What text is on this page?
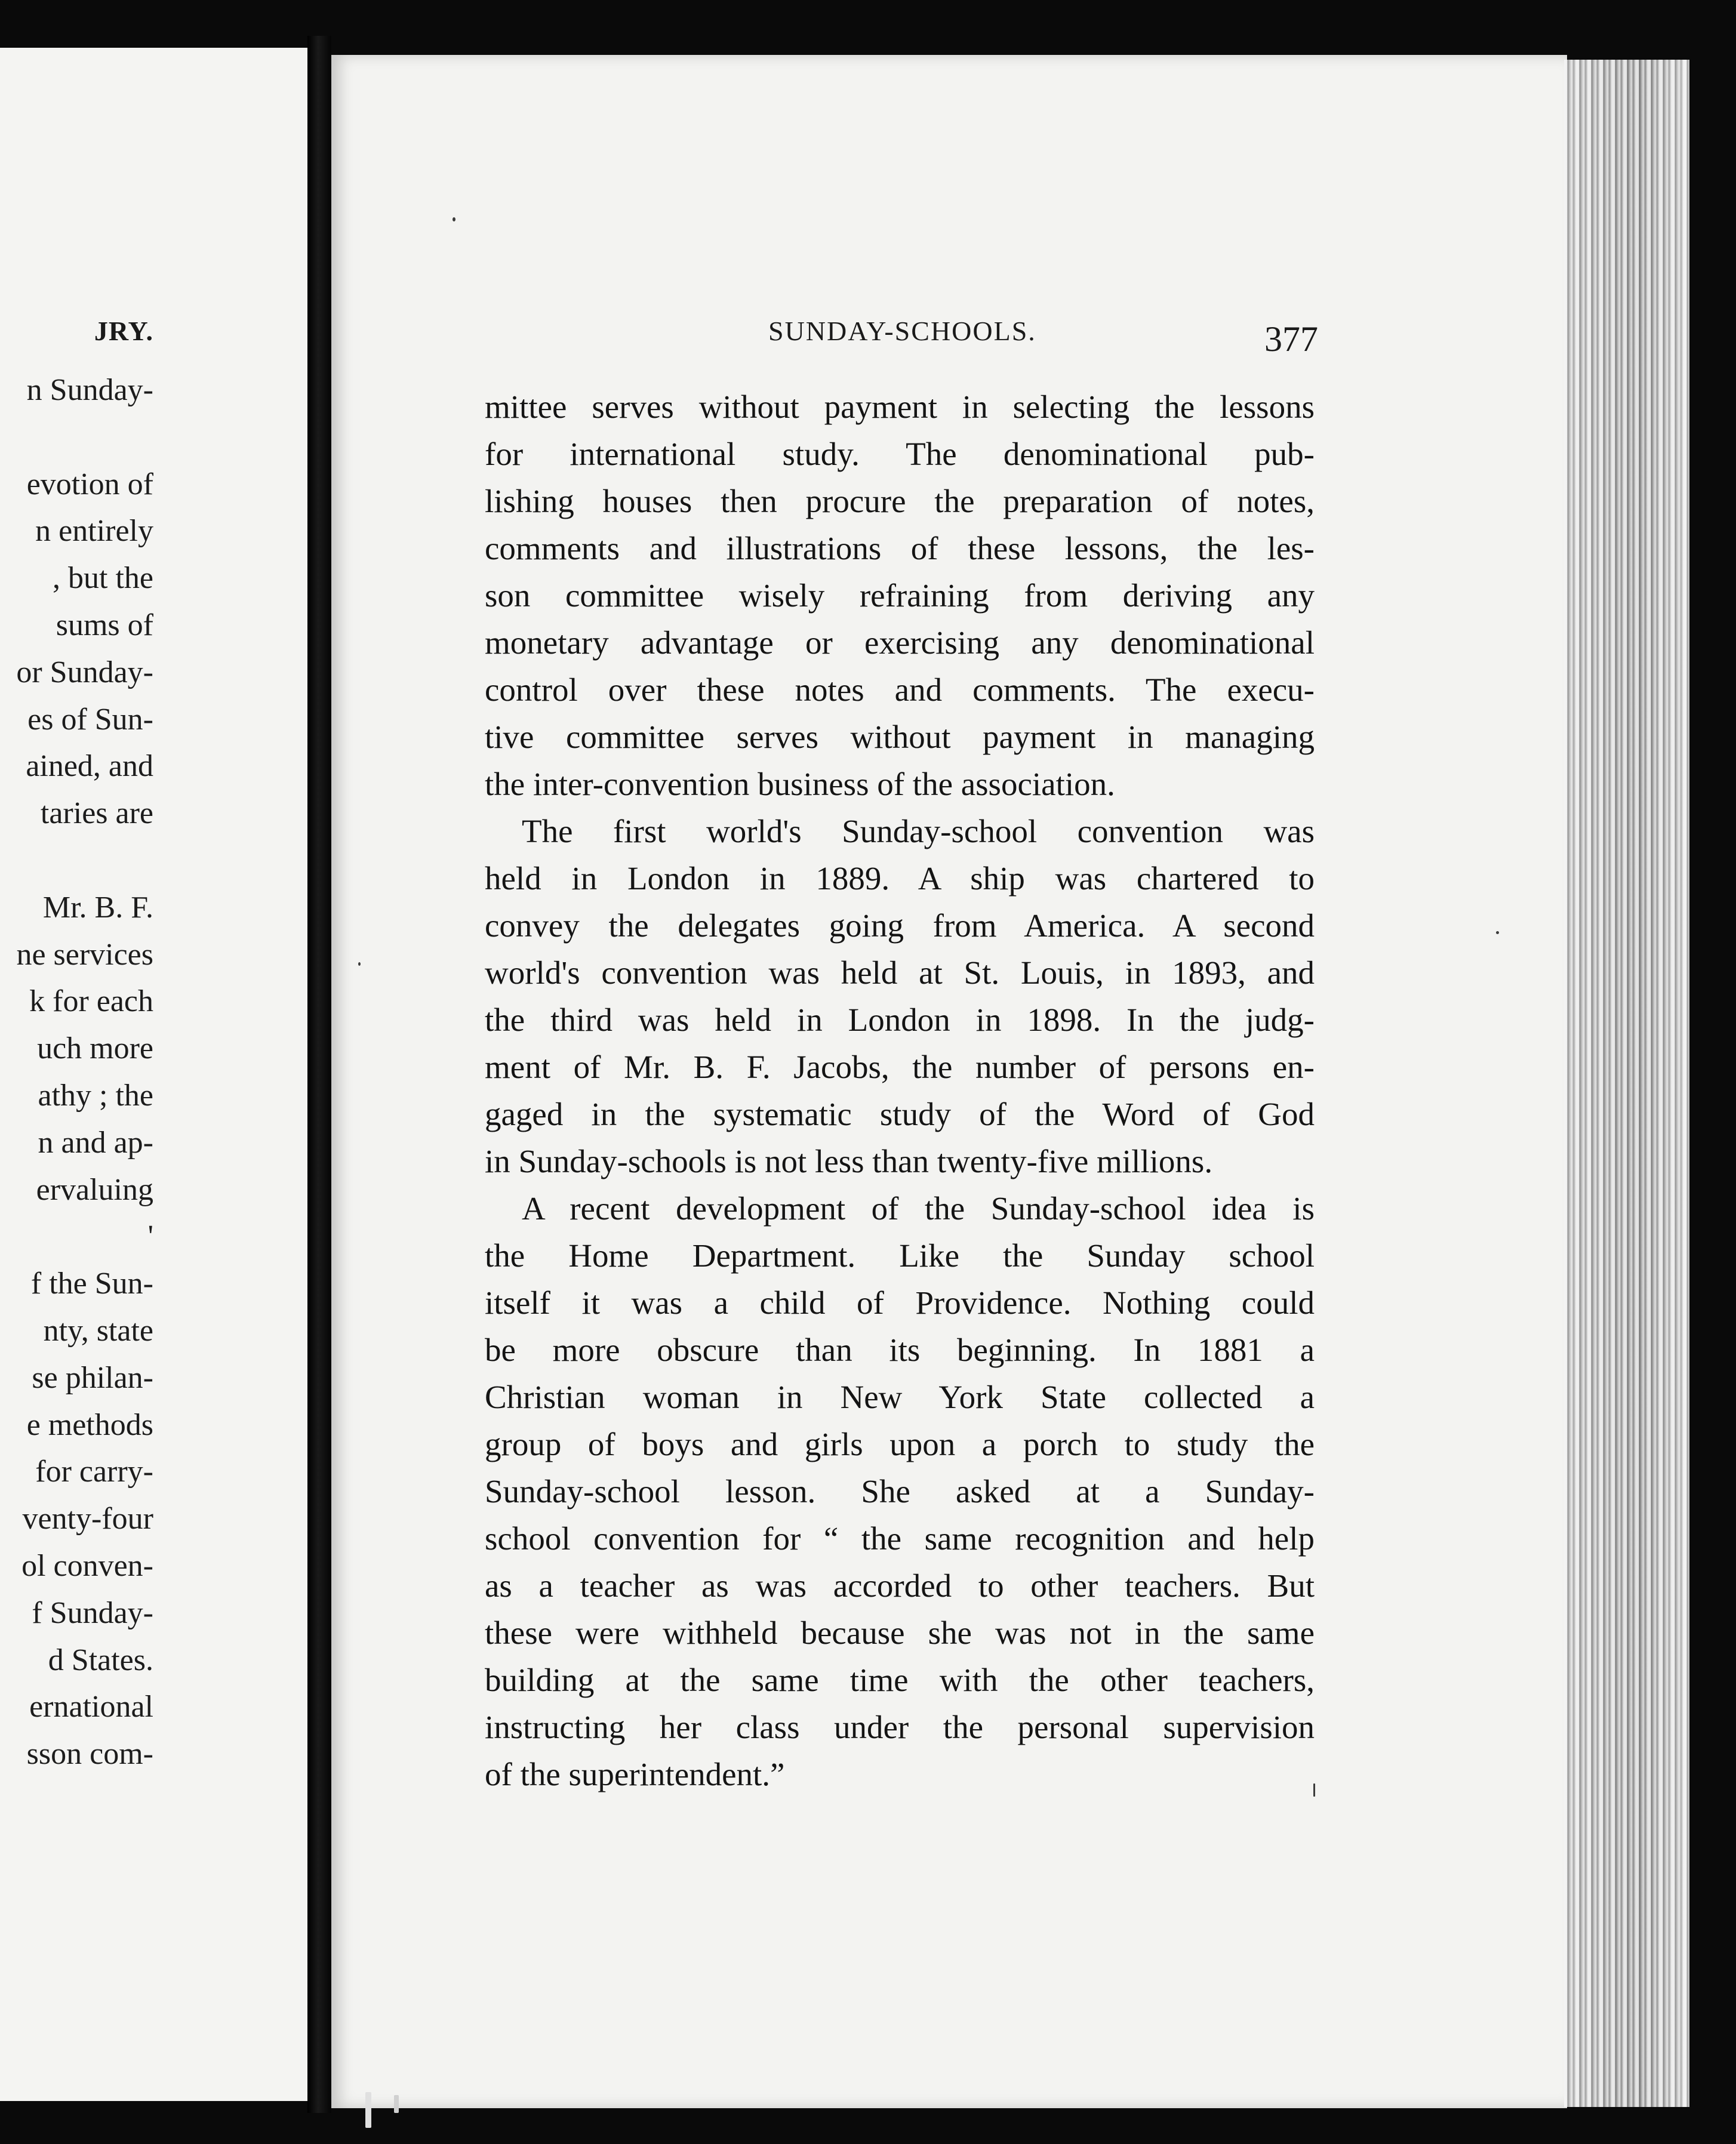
JRY.
n Sunday-
evotion of
n entirely
, but the
sums of
or Sunday-
es of Sun-
ained, and
taries are
Mr. B. F.
ne services
k for each
uch more
athy ; the
n and ap-
ervaluing
'
f the Sun-
nty, state
se philan-
e methods
for carry-
venty-four
ol conven-
f Sunday-
d States.
ernational
sson com-
SUNDAY-SCHOOLS.	377
mittee serves without payment in selecting the lessons
for international study. The denominational pub-
lishing houses then procure the preparation of notes,
comments and illustrations of these lessons, the les-
son committee wisely refraining from deriving any
monetary advantage or exercising any denominational
control over these notes and comments. The execu-
tive committee serves without payment in managing
the inter-convention business of the association.
The first world's Sunday-school convention was
held in London in 1889. A ship was chartered to
convey the delegates going from America. A second
world's convention was held at St. Louis, in 1893, and
the third was held in London in 1898. In the judg-
ment of Mr. B. F. Jacobs, the number of persons en-
gaged in the systematic study of the Word of God
in Sunday-schools is not less than twenty-five millions.
A recent development of the Sunday-school idea is
the Home Department. Like the Sunday school
itself it was a child of Providence. Nothing could
be more obscure than its beginning. In 1881 a
Christian woman in New York State collected a
group of boys and girls upon a porch to study the
Sunday-school lesson. She asked at a Sunday-
school convention for “ the same recognition and help
as a teacher as was accorded to other teachers. But
these were withheld because she was not in the same
building at the same time with the other teachers,
instructing her class under the personal supervision
of the superintendent.”
